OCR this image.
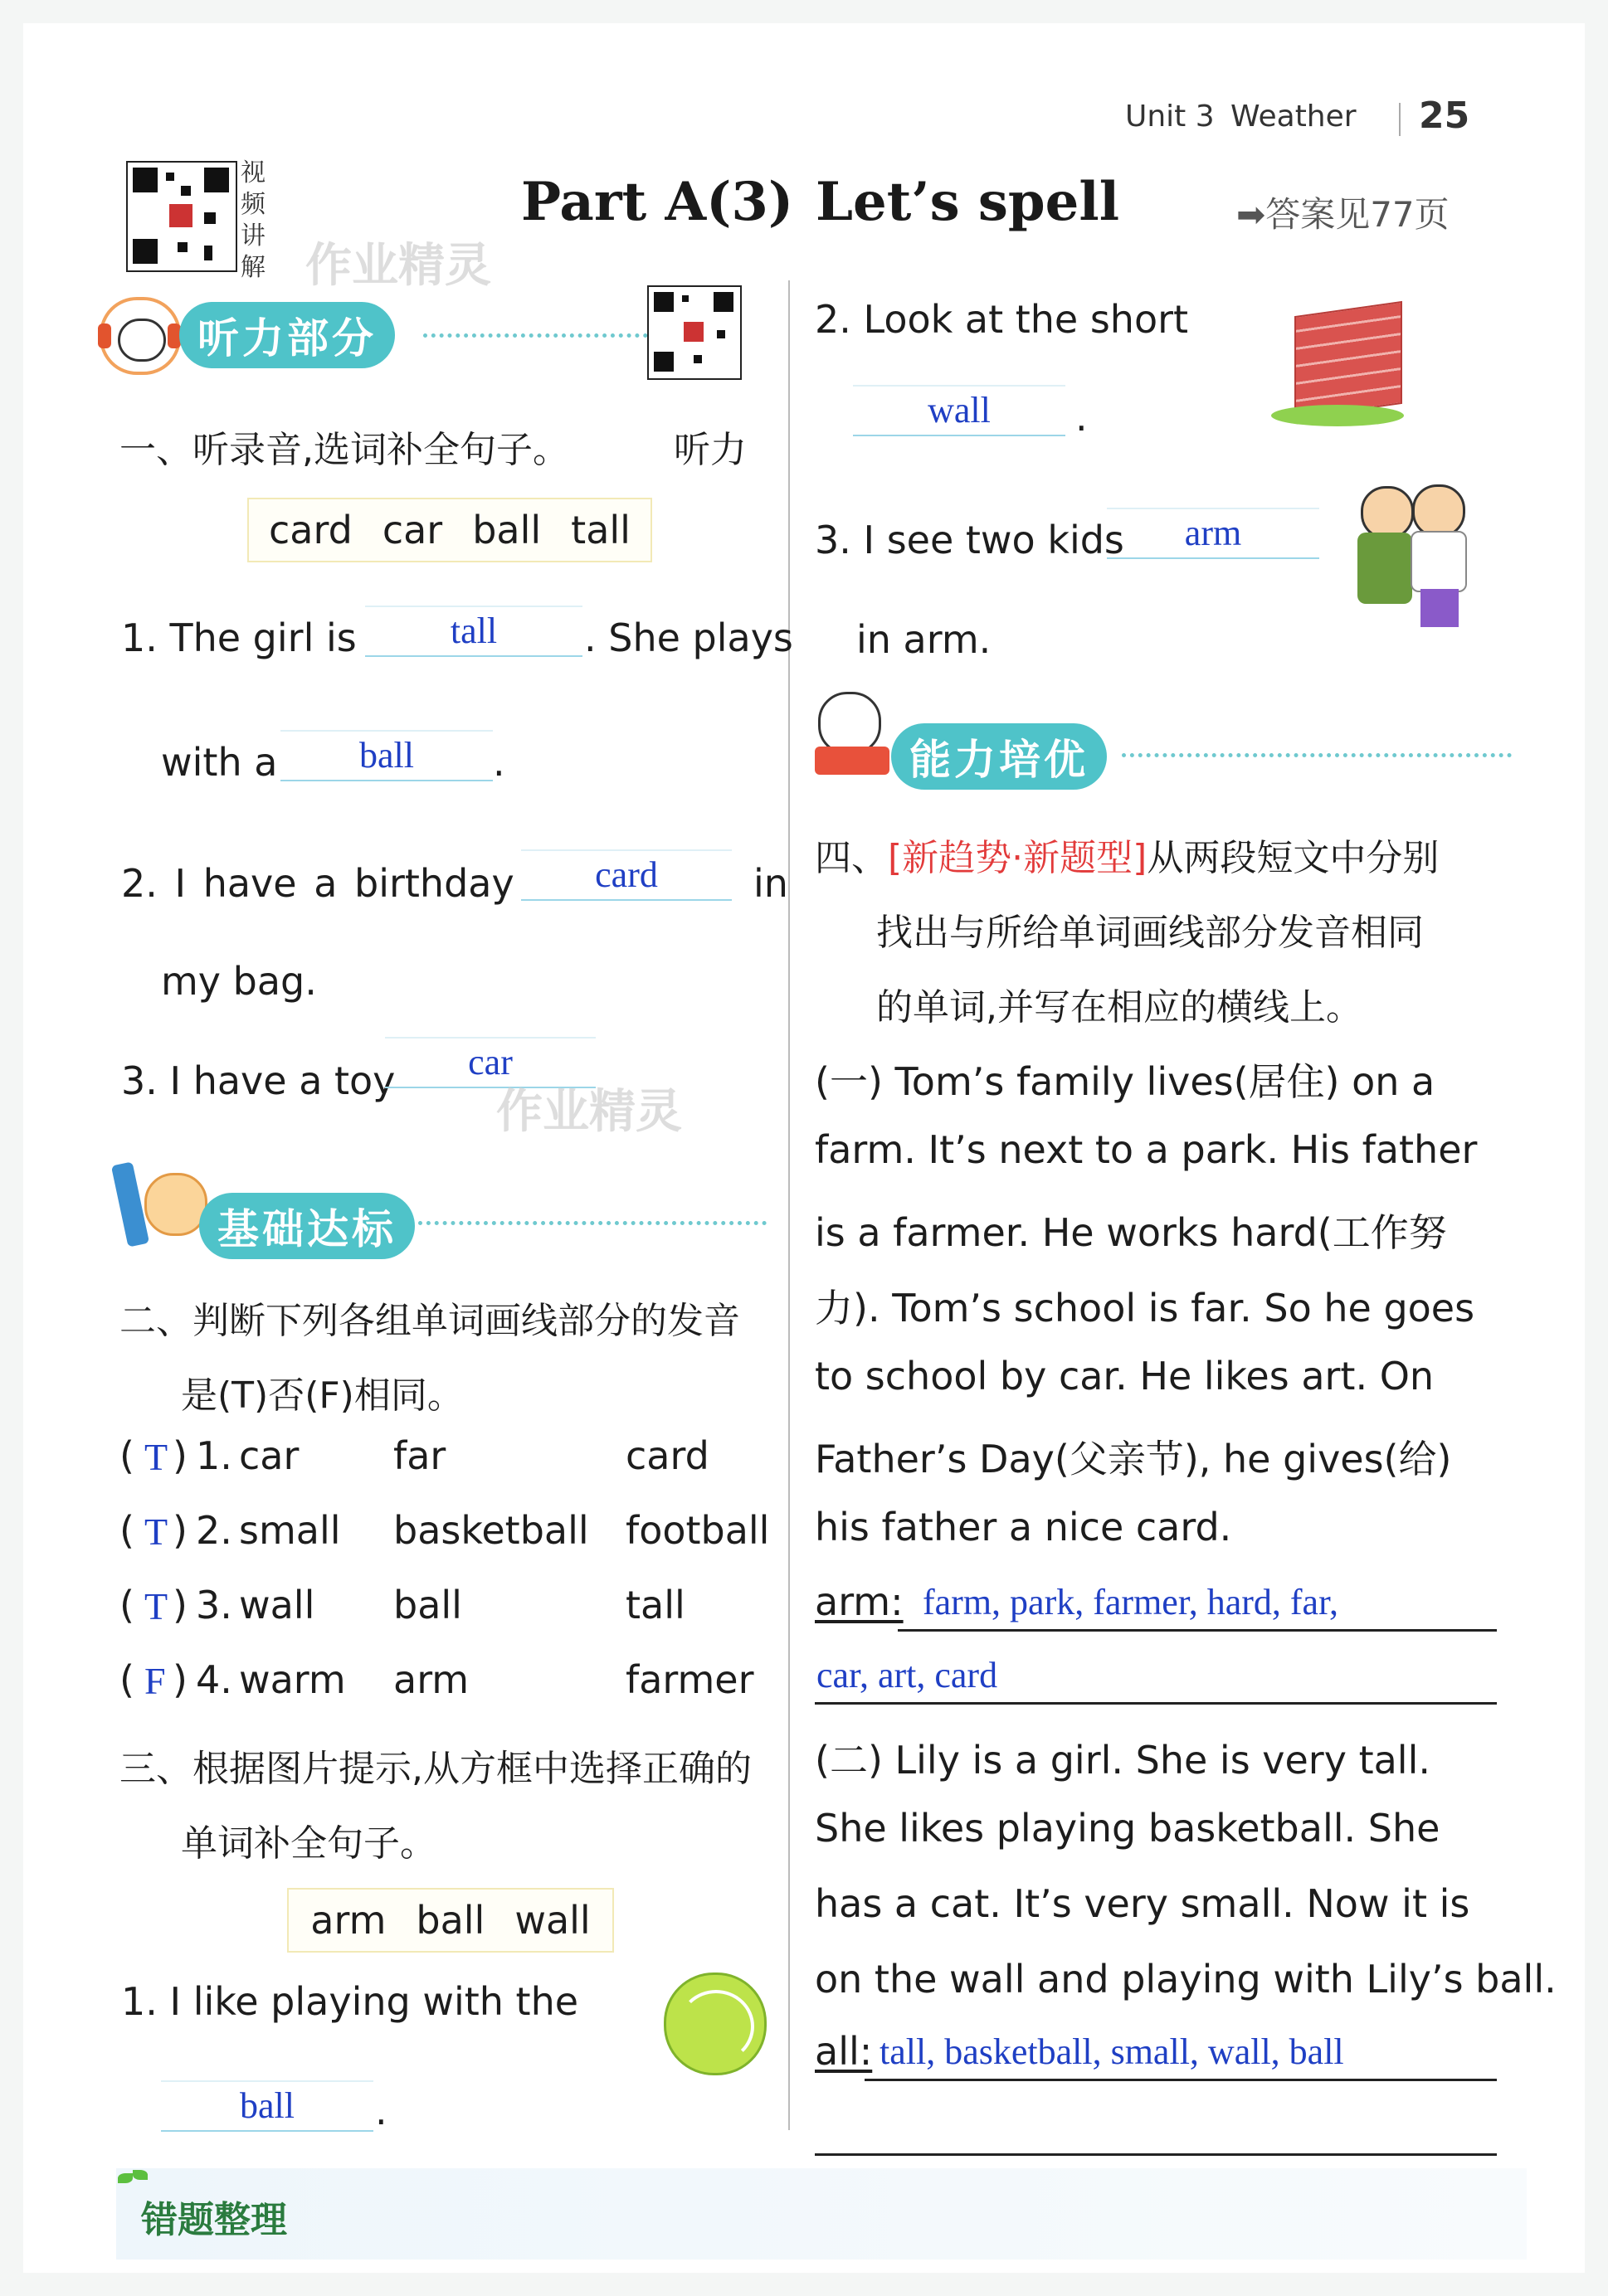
Unit 3 Weather 25
视频讲解 作业精灵
Part A(3) Let’s spell	➡答案见77页
听力部分
听力
一、听录音,选词补全句子。
card car ball tall
1. The girl is	tall	. She plays
with a	ball	.
2. I have a birthday	card	in
my bag.
3. I have a toy	car
作业精灵
基础达标
二、判断下列各组单词画线部分的发音
是(T)否(F)相同。
( T ) 1. car far	card
( T ) 2. small basketball football
( T ) 3. wall ball	tall
( F ) 4. warm arm	farmer
三、根据图片提示,从方框中选择正确的
单词补全句子。
arm ball wall
1. I like playing with the
ball	.
2. Look at the short
wall	.
3. I see two kids	arm
in arm.
能力培优
四、[新趋势·新题型]从两段短文中分别
找出与所给单词画线部分发音相同
的单词,并写在相应的横线上。
(一) Tom’s family lives(居住) on a
farm. It’s next to a park. His father
is a farmer. He works hard(工作努
力). Tom’s school is far. So he goes
to school by car. He likes art. On
Father’s Day(父亲节), he gives(给)
his father a nice card.
arm: farm, park, farmer, hard, far,
car, art, card
(二) Lily is a girl. She is very tall.
She likes playing basketball. She
has a cat. It’s very small. Now it is
on the wall and playing with Lily’s ball.
all: tall, basketball, small, wall, ball
错题整理
